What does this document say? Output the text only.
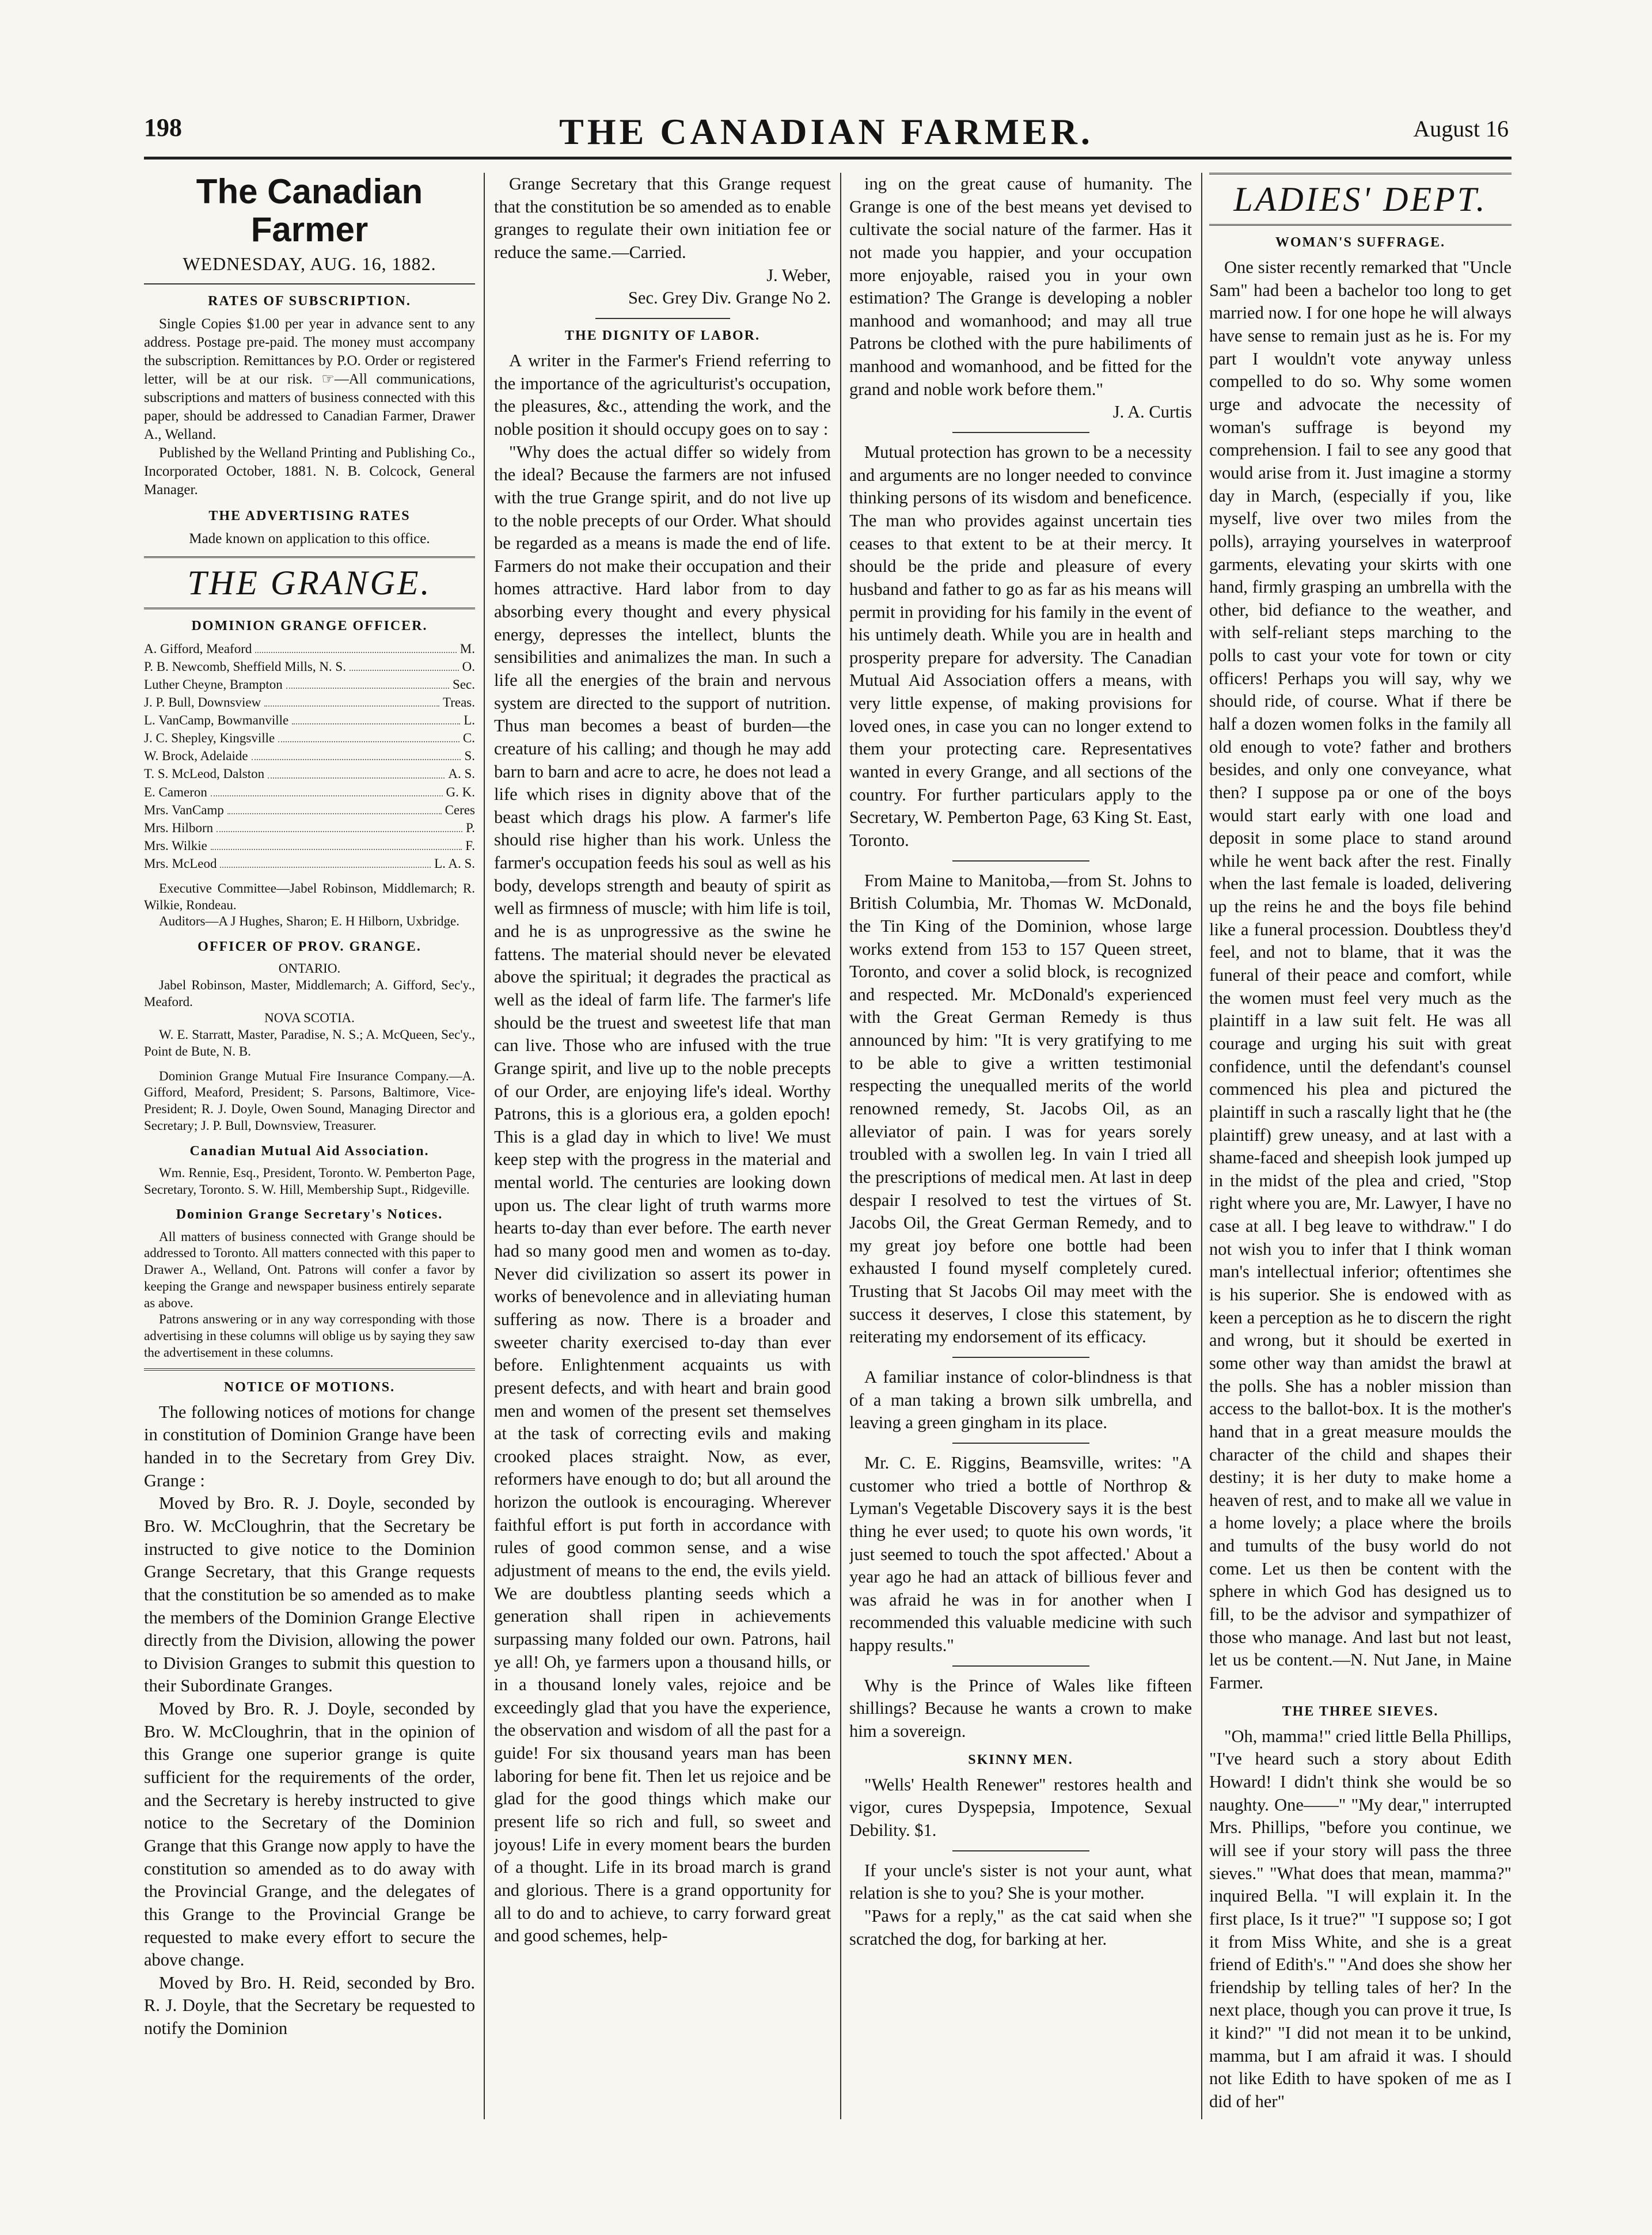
198	THE CANADIAN FARMER.	August 16
The Canadian Farmer
WEDNESDAY, AUG. 16, 1882.
RATES OF SUBSCRIPTION.

Single Copies $1.00 per year in advance sent to any address. Postage pre-paid. The money must accompany the subscription. Remittances by P.O. Order or registered letter, will be at our risk. ☞—All communications, subscriptions and matters of business connected with this paper, should be addressed to Canadian Farmer, Drawer A., Welland.

Published by the Welland Printing and Publishing Co., Incorporated October, 1881. N. B. Colcock, General Manager.

THE ADVERTISING RATES

Made known on application to this office.

THE GRANGE.
DOMINION GRANGE OFFICER.
A. Gifford, Meaford	M.
P. B. Newcomb, Sheffield Mills, N. S.	O.
Luther Cheyne, Brampton	Sec.
J. P. Bull, Downsview	Treas.
L. VanCamp, Bowmanville	L.
J. C. Shepley, Kingsville	C.
W. Brock, Adelaide	S.
T. S. McLeod, Dalston	A. S.
E. Cameron	G. K.
Mrs. VanCamp	Ceres
Mrs. Hilborn	P.
Mrs. Wilkie	F.
Mrs. McLeod	L. A. S.

Executive Committee—Jabel Robinson, Middlemarch; R. Wilkie, Rondeau.

Auditors—A J Hughes, Sharon; E. H Hilborn, Uxbridge.

OFFICER OF PROV. GRANGE.

ONTARIO.

Jabel Robinson, Master, Middlemarch; A. Gifford, Sec'y., Meaford.

NOVA SCOTIA.

W. E. Starratt, Master, Paradise, N. S.; A. McQueen, Sec'y., Point de Bute, N. B.

Dominion Grange Mutual Fire Insurance Company.—A. Gifford, Meaford, President; S. Parsons, Baltimore, Vice-President; R. J. Doyle, Owen Sound, Managing Director and Secretary; J. P. Bull, Downsview, Treasurer.

Canadian Mutual Aid Association.

Wm. Rennie, Esq., President, Toronto. W. Pemberton Page, Secretary, Toronto. S. W. Hill, Membership Supt., Ridgeville.

Dominion Grange Secretary's Notices.

All matters of business connected with Grange should be addressed to Toronto. All matters connected with this paper to Drawer A., Welland, Ont. Patrons will confer a favor by keeping the Grange and newspaper business entirely separate as above.

Patrons answering or in any way corresponding with those advertising in these columns will oblige us by saying they saw the advertisement in these columns.

NOTICE OF MOTIONS.

The following notices of motions for change in constitution of Dominion Grange have been handed in to the Secretary from Grey Div. Grange :

Moved by Bro. R. J. Doyle, seconded by Bro. W. McCloughrin, that the Secretary be instructed to give notice to the Dominion Grange Secretary, that this Grange requests that the constitution be so amended as to make the members of the Dominion Grange Elective directly from the Division, allowing the power to Division Granges to submit this question to their Subordinate Granges.

Moved by Bro. R. J. Doyle, seconded by Bro. W. McCloughrin, that in the opinion of this Grange one superior grange is quite sufficient for the requirements of the order, and the Secretary is hereby instructed to give notice to the Secretary of the Dominion Grange that this Grange now apply to have the constitution so amended as to do away with the Provincial Grange, and the delegates of this Grange to the Provincial Grange be requested to make every effort to secure the above change.

Moved by Bro. H. Reid, seconded by Bro. R. J. Doyle, that the Secretary be requested to notify the Dominion

Grange Secretary that this Grange request that the constitution be so amended as to enable granges to regulate their own initiation fee or reduce the same.—Carried.

J. Weber,

Sec. Grey Div. Grange No 2.

THE DIGNITY OF LABOR.

A writer in the Farmer's Friend referring to the importance of the agriculturist's occupation, the pleasures, &c., attending the work, and the noble position it should occupy goes on to say :

"Why does the actual differ so widely from the ideal? Because the farmers are not infused with the true Grange spirit, and do not live up to the noble precepts of our Order. What should be regarded as a means is made the end of life. Farmers do not make their occupation and their homes attractive. Hard labor from to day absorbing every thought and every physical energy, depresses the intellect, blunts the sensibilities and animalizes the man. In such a life all the energies of the brain and nervous system are directed to the support of nutrition. Thus man becomes a beast of burden—the creature of his calling; and though he may add barn to barn and acre to acre, he does not lead a life which rises in dignity above that of the beast which drags his plow. A farmer's life should rise higher than his work. Unless the farmer's occupation feeds his soul as well as his body, develops strength and beauty of spirit as well as firmness of muscle; with him life is toil, and he is as unprogressive as the swine he fattens. The material should never be elevated above the spiritual; it degrades the practical as well as the ideal of farm life. The farmer's life should be the truest and sweetest life that man can live. Those who are infused with the true Grange spirit, and live up to the noble precepts of our Order, are enjoying life's ideal. Worthy Patrons, this is a glorious era, a golden epoch! This is a glad day in which to live! We must keep step with the progress in the material and mental world. The centuries are looking down upon us. The clear light of truth warms more hearts to-day than ever before. The earth never had so many good men and women as to-day. Never did civilization so assert its power in works of benevolence and in alleviating human suffering as now. There is a broader and sweeter charity exercised to-day than ever before. Enlightenment acquaints us with present defects, and with heart and brain good men and women of the present set themselves at the task of correcting evils and making crooked places straight. Now, as ever, reformers have enough to do; but all around the horizon the outlook is encouraging. Wherever faithful effort is put forth in accordance with rules of good common sense, and a wise adjustment of means to the end, the evils yield. We are doubtless planting seeds which a generation shall ripen in achievements surpassing many folded our own. Patrons, hail ye all! Oh, ye farmers upon a thousand hills, or in a thousand lonely vales, rejoice and be exceedingly glad that you have the experience, the observation and wisdom of all the past for a guide! For six thousand years man has been laboring for bene fit. Then let us rejoice and be glad for the good things which make our present life so rich and full, so sweet and joyous! Life in every moment bears the burden of a thought. Life in its broad march is grand and glorious. There is a grand opportunity for all to do and to achieve, to carry forward great and good schemes, help-

ing on the great cause of humanity. The Grange is one of the best means yet devised to cultivate the social nature of the farmer. Has it not made you happier, and your occupation more enjoyable, raised you in your own estimation? The Grange is developing a nobler manhood and womanhood; and may all true Patrons be clothed with the pure habiliments of manhood and womanhood, and be fitted for the grand and noble work before them."

J. A. Curtis

Mutual protection has grown to be a necessity and arguments are no longer needed to convince thinking persons of its wisdom and beneficence. The man who provides against uncertain ties ceases to that extent to be at their mercy. It should be the pride and pleasure of every husband and father to go as far as his means will permit in providing for his family in the event of his untimely death. While you are in health and prosperity prepare for adversity. The Canadian Mutual Aid Association offers a means, with very little expense, of making provisions for loved ones, in case you can no longer extend to them your protecting care. Representatives wanted in every Grange, and all sections of the country. For further particulars apply to the Secretary, W. Pemberton Page, 63 King St. East, Toronto.

From Maine to Manitoba,—from St. Johns to British Columbia, Mr. Thomas W. McDonald, the Tin King of the Dominion, whose large works extend from 153 to 157 Queen street, Toronto, and cover a solid block, is recognized and respected. Mr. McDonald's experienced with the Great German Remedy is thus announced by him: "It is very gratifying to me to be able to give a written testimonial respecting the unequalled merits of the world renowned remedy, St. Jacobs Oil, as an alleviator of pain. I was for years sorely troubled with a swollen leg. In vain I tried all the prescriptions of medical men. At last in deep despair I resolved to test the virtues of St. Jacobs Oil, the Great German Remedy, and to my great joy before one bottle had been exhausted I found myself completely cured. Trusting that St Jacobs Oil may meet with the success it deserves, I close this statement, by reiterating my endorsement of its efficacy.

A familiar instance of color-blindness is that of a man taking a brown silk umbrella, and leaving a green gingham in its place.

Mr. C. E. Riggins, Beamsville, writes: "A customer who tried a bottle of Northrop & Lyman's Vegetable Discovery says it is the best thing he ever used; to quote his own words, 'it just seemed to touch the spot affected.' About a year ago he had an attack of billious fever and was afraid he was in for another when I recommended this valuable medicine with such happy results."

Why is the Prince of Wales like fifteen shillings? Because he wants a crown to make him a sovereign.

SKINNY MEN.

"Wells' Health Renewer" restores health and vigor, cures Dyspepsia, Impotence, Sexual Debility. $1.

If your uncle's sister is not your aunt, what relation is she to you? She is your mother.

"Paws for a reply," as the cat said when she scratched the dog, for barking at her.

LADIES' DEPT.
WOMAN'S SUFFRAGE.

One sister recently remarked that "Uncle Sam" had been a bachelor too long to get married now. I for one hope he will always have sense to remain just as he is. For my part I wouldn't vote anyway unless compelled to do so. Why some women urge and advocate the necessity of woman's suffrage is beyond my comprehension. I fail to see any good that would arise from it. Just imagine a stormy day in March, (especially if you, like myself, live over two miles from the polls), arraying yourselves in waterproof garments, elevating your skirts with one hand, firmly grasping an umbrella with the other, bid defiance to the weather, and with self-reliant steps marching to the polls to cast your vote for town or city officers! Perhaps you will say, why we should ride, of course. What if there be half a dozen women folks in the family all old enough to vote? father and brothers besides, and only one conveyance, what then? I suppose pa or one of the boys would start early with one load and deposit in some place to stand around while he went back after the rest. Finally when the last female is loaded, delivering up the reins he and the boys file behind like a funeral procession. Doubtless they'd feel, and not to blame, that it was the funeral of their peace and comfort, while the women must feel very much as the plaintiff in a law suit felt. He was all courage and urging his suit with great confidence, until the defendant's counsel commenced his plea and pictured the plaintiff in such a rascally light that he (the plaintiff) grew uneasy, and at last with a shame-faced and sheepish look jumped up in the midst of the plea and cried, "Stop right where you are, Mr. Lawyer, I have no case at all. I beg leave to withdraw." I do not wish you to infer that I think woman man's intellectual inferior; oftentimes she is his superior. She is endowed with as keen a perception as he to discern the right and wrong, but it should be exerted in some other way than amidst the brawl at the polls. She has a nobler mission than access to the ballot-box. It is the mother's hand that in a great measure moulds the character of the child and shapes their destiny; it is her duty to make home a heaven of rest, and to make all we value in a home lovely; a place where the broils and tumults of the busy world do not come. Let us then be content with the sphere in which God has designed us to fill, to be the advisor and sympathizer of those who manage. And last but not least, let us be content.—N. Nut Jane, in Maine Farmer.

THE THREE SIEVES.

"Oh, mamma!" cried little Bella Phillips, "I've heard such a story about Edith Howard! I didn't think she would be so naughty. One——" "My dear," interrupted Mrs. Phillips, "before you continue, we will see if your story will pass the three sieves." "What does that mean, mamma?" inquired Bella. "I will explain it. In the first place, Is it true?" "I suppose so; I got it from Miss White, and she is a great friend of Edith's." "And does she show her friendship by telling tales of her? In the next place, though you can prove it true, Is it kind?" "I did not mean it to be unkind, mamma, but I am afraid it was. I should not like Edith to have spoken of me as I did of her"
